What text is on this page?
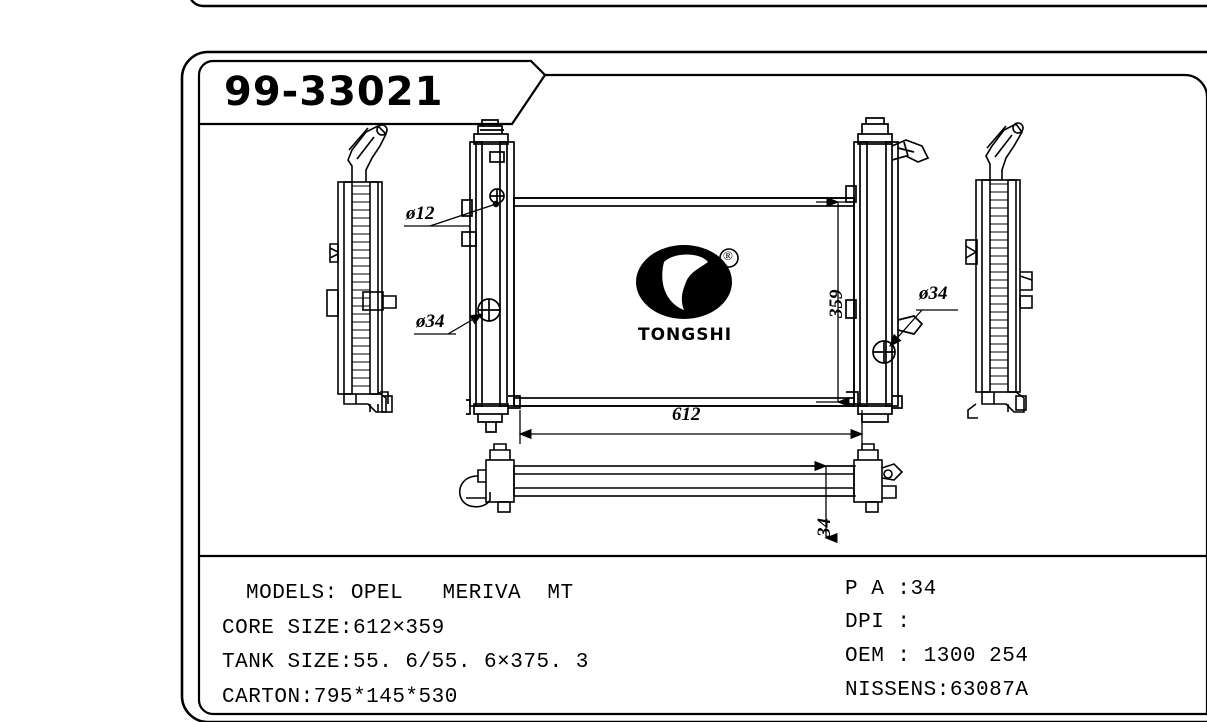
99-33021
TONGSHI
®
ø12
ø34
ø34
359
612
34
MODELS: OPEL   MERIVA  MT
CORE SIZE:612×359
TANK SIZE:55. 6/55. 6×375. 3
CARTON:795*145*530
P A :34
DPI :
OEM : 1300 254
NISSENS:63087A
